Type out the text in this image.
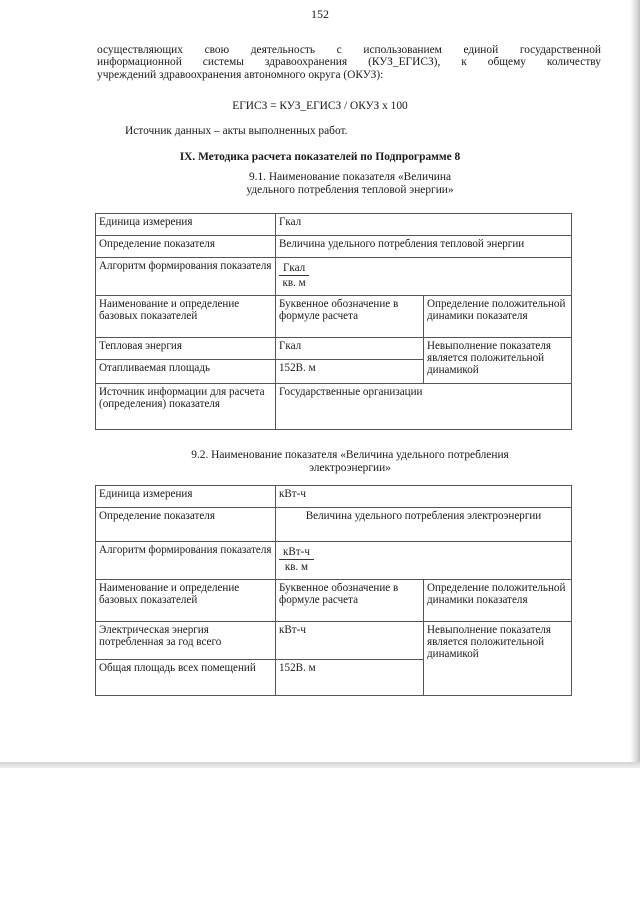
152
осуществляющих свою деятельность с использованием единой государственной
информационной системы здравоохранения (КУЗ_ЕГИСЗ), к общему количеству
учреждений здравоохранения автономного округа (ОКУЗ):
ЕГИСЗ = КУЗ_ЕГИСЗ / ОКУЗ х 100
Источник данных – акты выполненных работ.
IX. Методика расчета показателей по Подпрограмме 8
9.1. Наименование показателя «Величина
удельного потребления тепловой энергии»
Единица измерения	Гкал	
Определение показателя	Величина удельного потребления тепловой энергии	
Алгоритм формирования показателя	$\frac{\text{Гкал}}{кв. м}$

Наименование и определение базовых показателей	Буквенное обозначение в формуле расчета	Определение положительной динамики показателя
Тепловая энергия	Гкал	Невыполнение показателя является положительной динамикой
Отапливаемая площадь	152В. м	
Источник информации для расчета (определения) показателя	Государственные организации	
9.2. Наименование показателя «Величина удельного потребления
электроэнергии»
Единица измерения	кВт-ч	
Определение показателя	Величина удельного потребления электроэнергии	

Алгоритм формирования показателя	$\frac{\text{кВт-ч}}{кв. м}$

Наименование и определение базовых показателей	Буквенное обозначение в формуле расчета	Определение положительной динамики показателя
Электрическая энергия потребленная за год всего	кВт-ч	Невыполнение показателя является положительной динамикой
Общая площадь всех помещений	152В. м	
